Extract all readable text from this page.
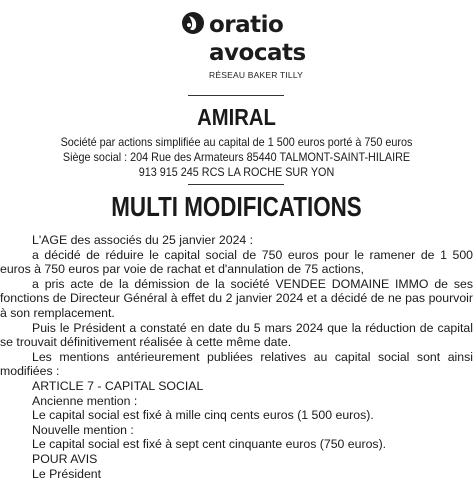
oratio
avocats
RÉSEAU BAKER TILLY
AMIRAL
Société par actions simplifiée au capital de 1 500 euros porté à 750 euros
Siège social : 204 Rue des Armateurs 85440 TALMONT-SAINT-HILAIRE
913 915 245 RCS LA ROCHE SUR YON
MULTI MODIFICATIONS

L'AGE des associés du 25 janvier 2024 :

a décidé de réduire le capital social de 750 euros pour le ramener de 1 500 euros à 750 euros par voie de rachat et d'annulation de 75 actions,

a pris acte de la démission de la société VENDEE DOMAINE IMMO de ses fonctions de Directeur Général à effet du 2 janvier 2024 et a décidé de ne pas pourvoir à son remplacement.

Puis le Président a constaté en date du 5 mars 2024 que la réduction de capital se trouvait définitivement réalisée à cette même date.

Les mentions antérieurement publiées relatives au capital social sont ainsi modifiées :

ARTICLE 7 - CAPITAL SOCIAL

Ancienne mention :

Le capital social est fixé à mille cinq cents euros (1 500 euros).

Nouvelle mention :

Le capital social est fixé à sept cent cinquante euros (750 euros).

POUR AVIS

Le Président
